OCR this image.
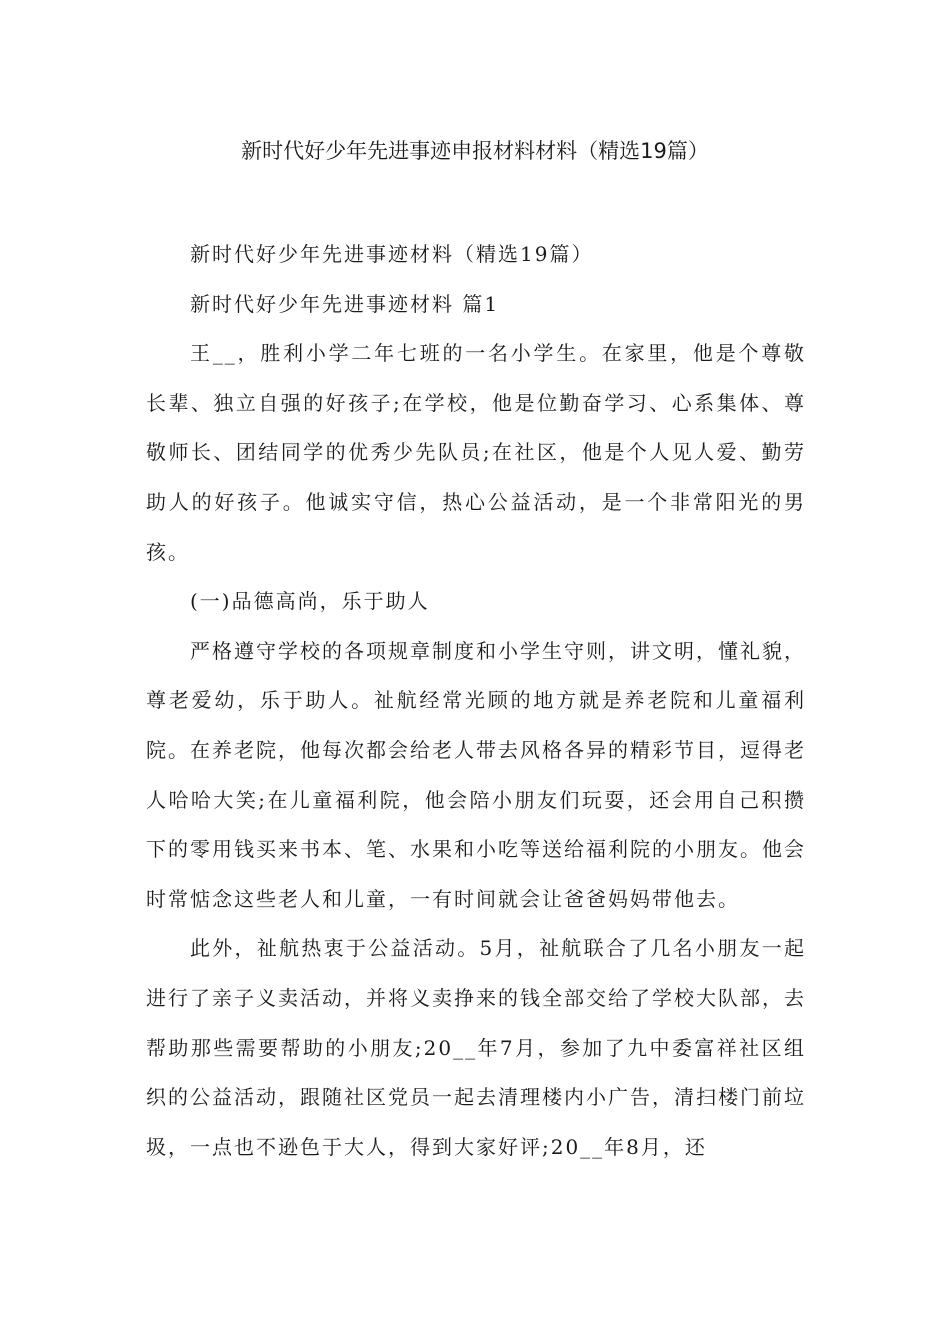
新时代好少年先进事迹申报材料材料（精选19篇）

新时代好少年先进事迹材料（精选19篇）

新时代好少年先进事迹材料 篇1

王__，胜利小学二年七班的一名小学生。在家里，他是个尊敬长辈、独立自强的好孩子;在学校，他是位勤奋学习、心系集体、尊敬师长、团结同学的优秀少先队员;在社区，他是个人见人爱、勤劳助人的好孩子。他诚实守信，热心公益活动，是一个非常阳光的男孩。

(一)品德高尚，乐于助人

严格遵守学校的各项规章制度和小学生守则，讲文明，懂礼貌，尊老爱幼，乐于助人。祉航经常光顾的地方就是养老院和儿童福利院。在养老院，他每次都会给老人带去风格各异的精彩节目，逗得老人哈哈大笑;在儿童福利院，他会陪小朋友们玩耍，还会用自己积攒下的零用钱买来书本、笔、水果和小吃等送给福利院的小朋友。他会时常惦念这些老人和儿童，一有时间就会让爸爸妈妈带他去。

此外，祉航热衷于公益活动。5月，祉航联合了几名小朋友一起进行了亲子义卖活动，并将义卖挣来的钱全部交给了学校大队部，去帮助那些需要帮助的小朋友;20__年7月，参加了九中委富祥社区组织的公益活动，跟随社区党员一起去清理楼内小广告，清扫楼门前垃圾，一点也不逊色于大人，得到大家好评;20__年8月，还
